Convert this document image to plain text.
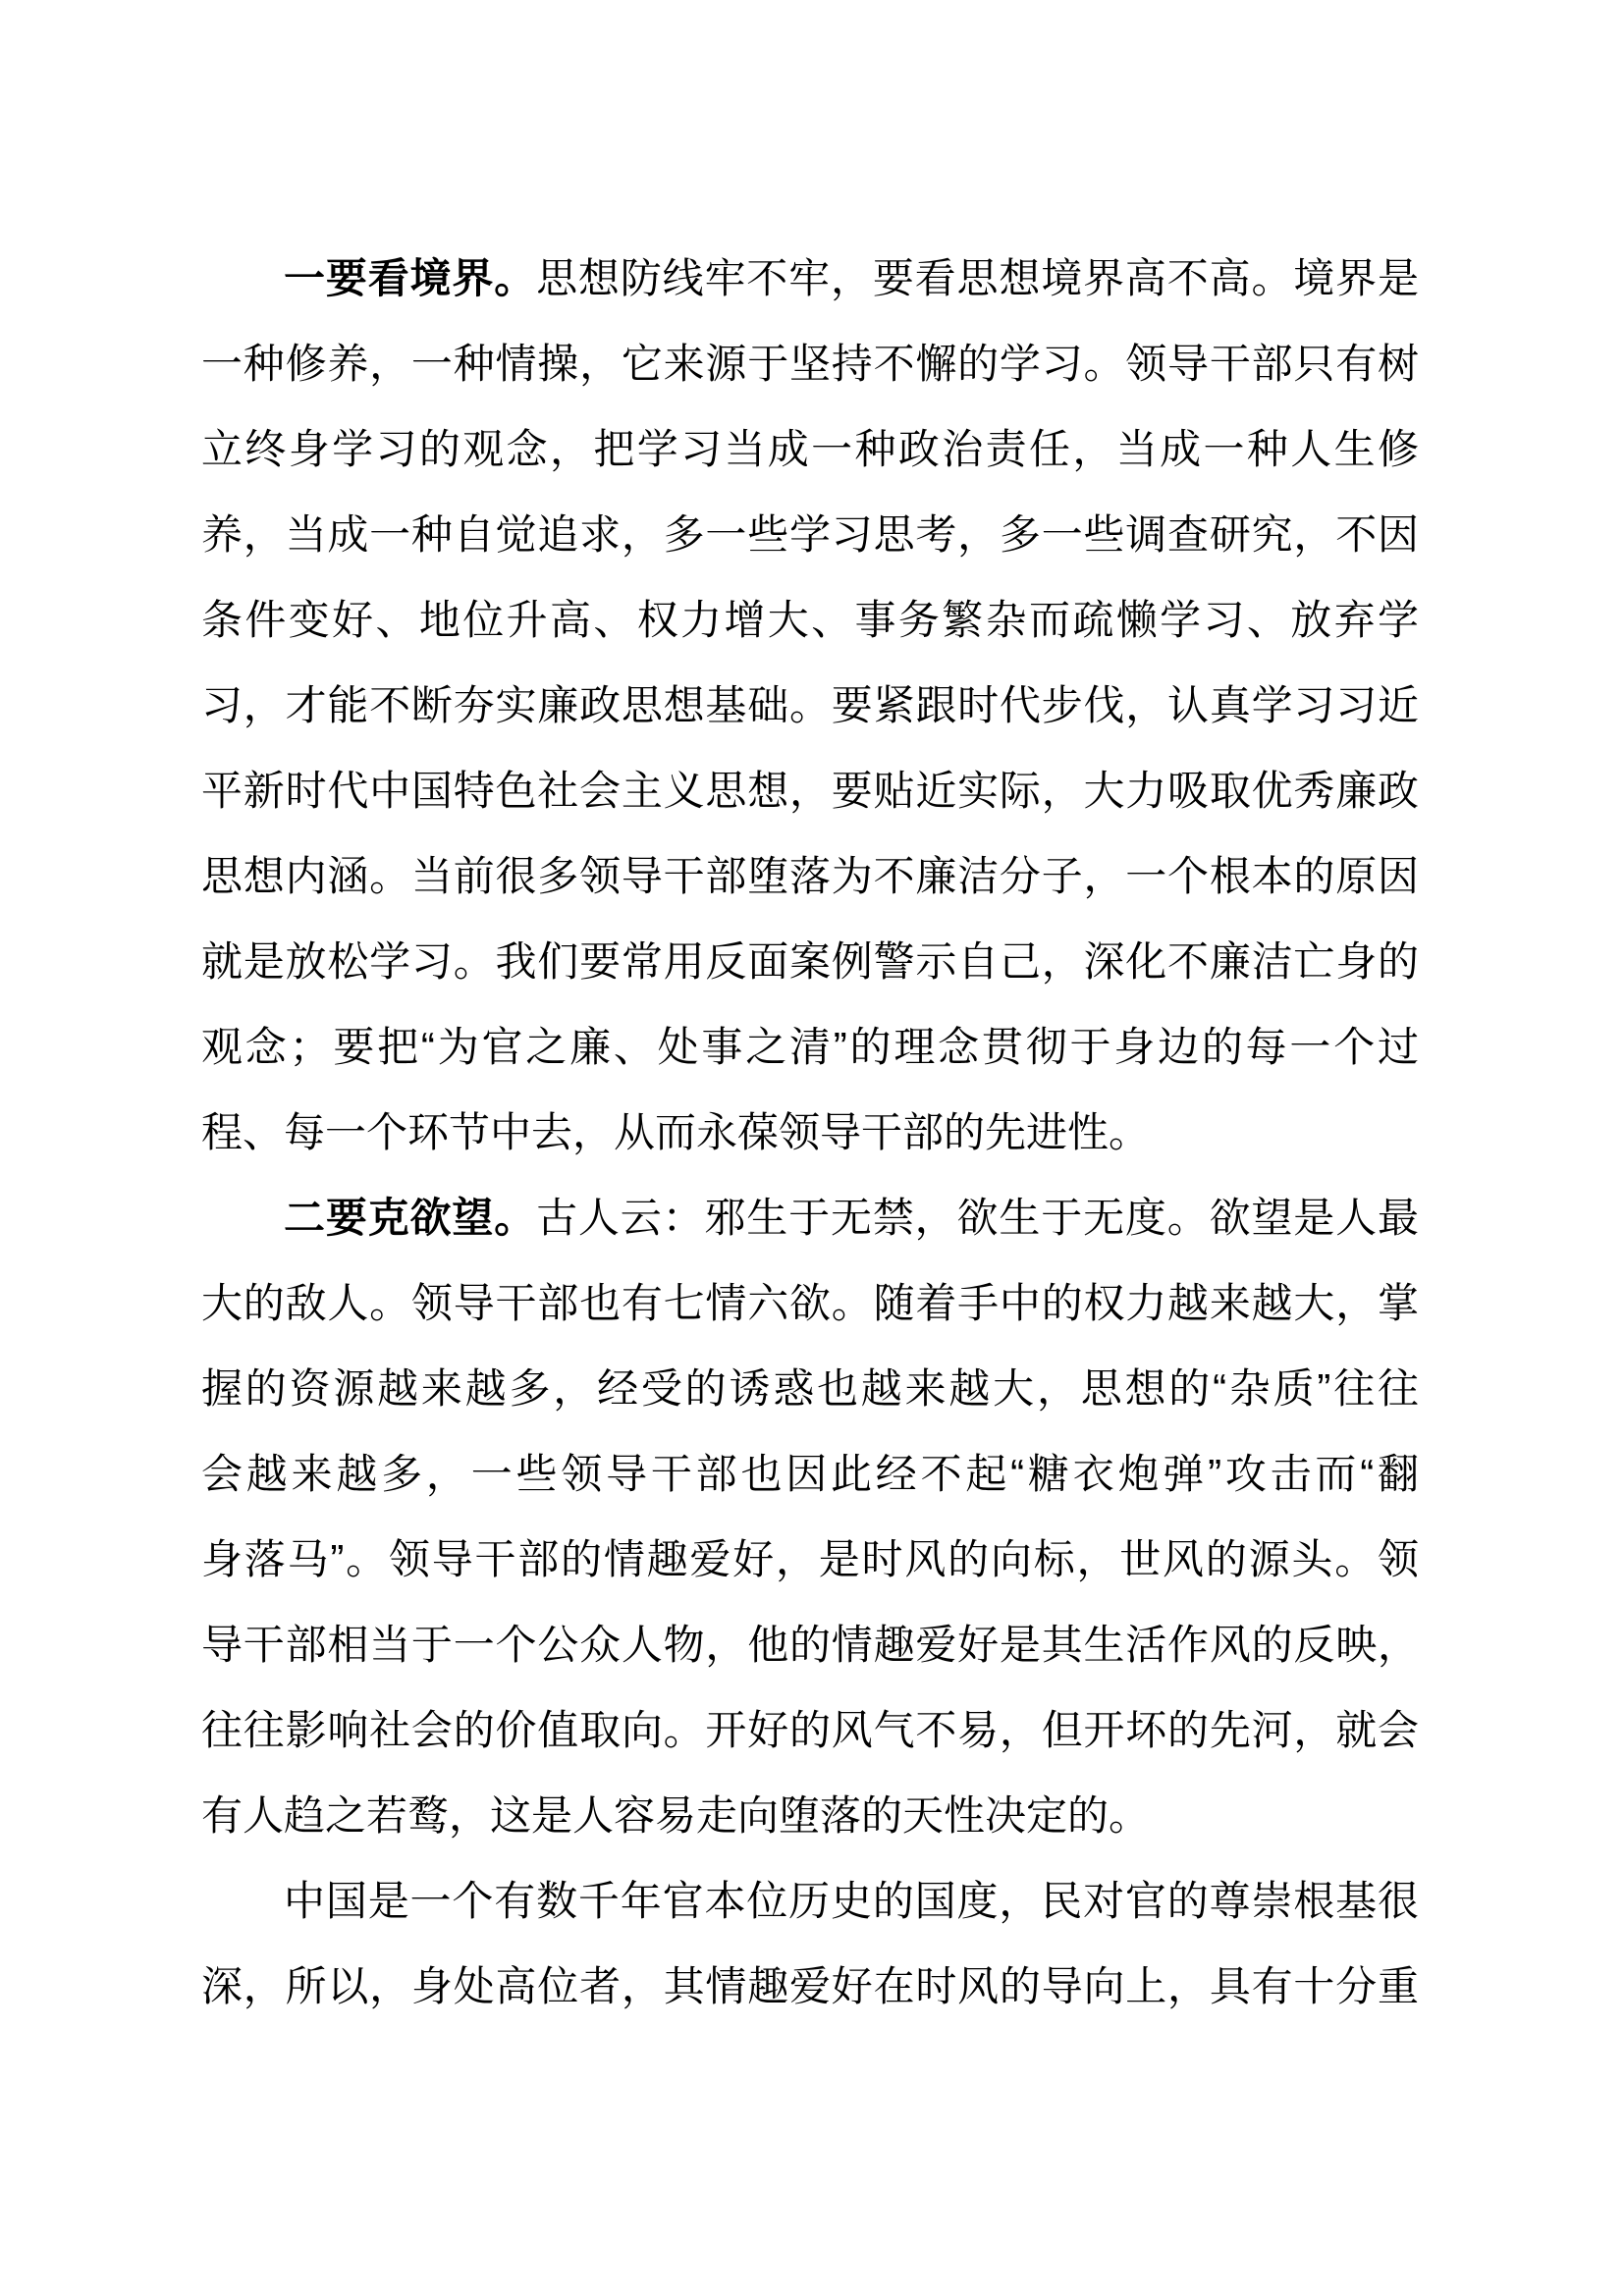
一要看境界。思想防线牢不牢，要看思想境界高不高。境界是
一种修养，一种情操，它来源于坚持不懈的学习。领导干部只有树
立终身学习的观念，把学习当成一种政治责任，当成一种人生修
养，当成一种自觉追求，多一些学习思考，多一些调查研究，不因
条件变好、地位升高、权力增大、事务繁杂而疏懒学习、放弃学
习，才能不断夯实廉政思想基础。要紧跟时代步伐，认真学习习近
平新时代中国特色社会主义思想，要贴近实际，大力吸取优秀廉政
思想内涵。当前很多领导干部堕落为不廉洁分子，一个根本的原因
就是放松学习。我们要常用反面案例警示自己，深化不廉洁亡身的
观念；要把“为官之廉、处事之清”的理念贯彻于身边的每一个过
程、每一个环节中去，从而永葆领导干部的先进性。
二要克欲望。古人云：邪生于无禁，欲生于无度。欲望是人最
大的敌人。领导干部也有七情六欲。随着手中的权力越来越大，掌
握的资源越来越多，经受的诱惑也越来越大，思想的“杂质”往往
会越来越多，一些领导干部也因此经不起“糖衣炮弹”攻击而“翻
身落马”。领导干部的情趣爱好，是时风的向标，世风的源头。领
导干部相当于一个公众人物，他的情趣爱好是其生活作风的反映，
往往影响社会的价值取向。开好的风气不易，但开坏的先河，就会
有人趋之若鹜，这是人容易走向堕落的天性决定的。
中国是一个有数千年官本位历史的国度，民对官的尊崇根基很
深，所以，身处高位者，其情趣爱好在时风的导向上，具有十分重
